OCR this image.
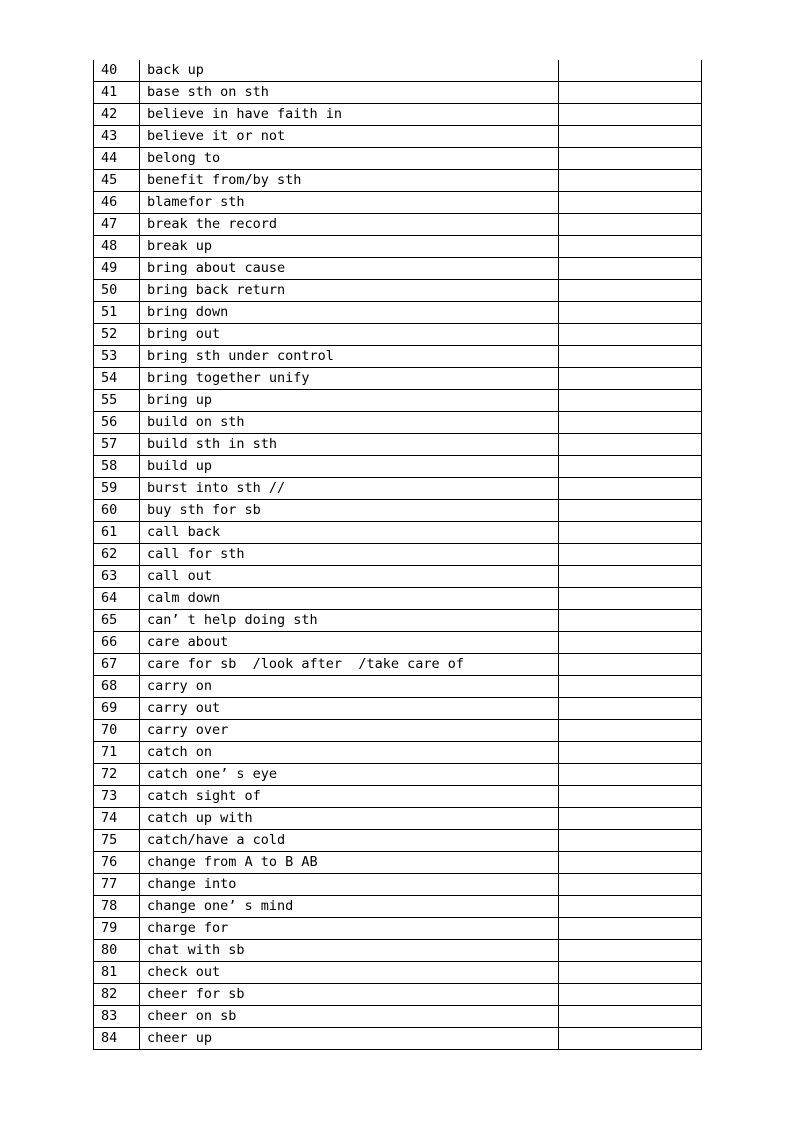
40	back up	
41	base sth on sth	
42	believe in have faith in	
43	believe it or not	
44	belong to	
45	benefit from/by sth	
46	blamefor sth	
47	break the record	
48	break up	
49	bring about cause	
50	bring back return	
51	bring down	
52	bring out	
53	bring sth under control	
54	bring together unify	
55	bring up	
56	build on sth	
57	build sth in sth	
58	build up	
59	burst into sth //	
60	buy sth for sb	
61	call back	
62	call for sth	
63	call out	
64	calm down	
65	can’ t help doing sth	
66	care about	
67	care for sb  /look after  /take care of	
68	carry on	
69	carry out	
70	carry over	
71	catch on	
72	catch one’ s eye	
73	catch sight of	
74	catch up with	
75	catch/have a cold	
76	change from A to B AB	
77	change into	
78	change one’ s mind	
79	charge for	
80	chat with sb	
81	check out	
82	cheer for sb	
83	cheer on sb	
84	cheer up	
